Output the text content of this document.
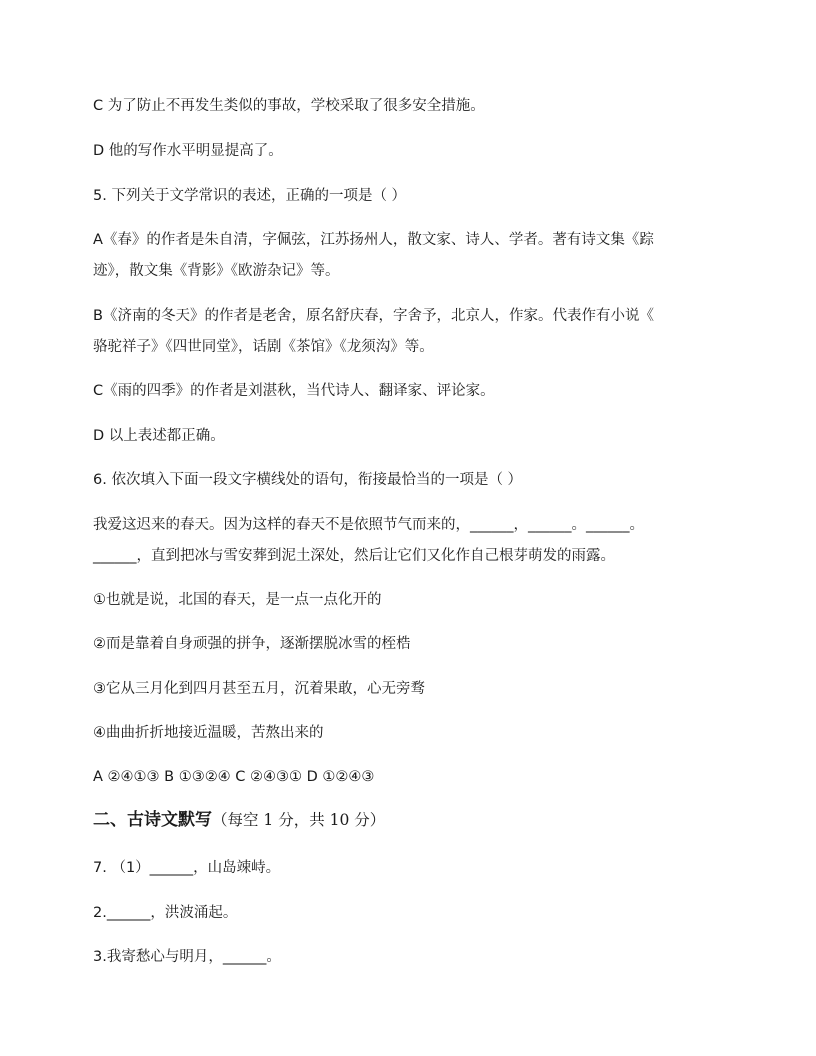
C 为了防止不再发生类似的事故，学校采取了很多安全措施。
D 他的写作水平明显提高了。
5. 下列关于文学常识的表述，正确的一项是（ ）
A《春》的作者是朱自清，字佩弦，江苏扬州人，散文家、诗人、学者。著有诗文集《踪
迹》，散文集《背影》《欧游杂记》等。
B《济南的冬天》的作者是老舍，原名舒庆春，字舍予，北京人，作家。代表作有小说《
骆驼祥子》《四世同堂》，话剧《茶馆》《龙须沟》等。
C《雨的四季》的作者是刘湛秋，当代诗人、翻译家、评论家。
D 以上表述都正确。
6. 依次填入下面一段文字横线处的语句，衔接最恰当的一项是（ ）
我爱这迟来的春天。因为这样的春天不是依照节气而来的，______，______。______。
______，直到把冰与雪安葬到泥土深处，然后让它们又化作自己根芽萌发的雨露。
①也就是说，北国的春天，是一点一点化开的
②而是靠着自身顽强的拼争，逐渐摆脱冰雪的桎梏
③它从三月化到四月甚至五月，沉着果敢，心无旁骛
④曲曲折折地接近温暖，苦熬出来的
A ②④①③ B ①③②④ C ②④③① D ①②④③
二、古诗文默写（每空 1 分，共 10 分）
7. （1）______，山岛竦峙。
2.______，洪波涌起。
3.我寄愁心与明月，______。
